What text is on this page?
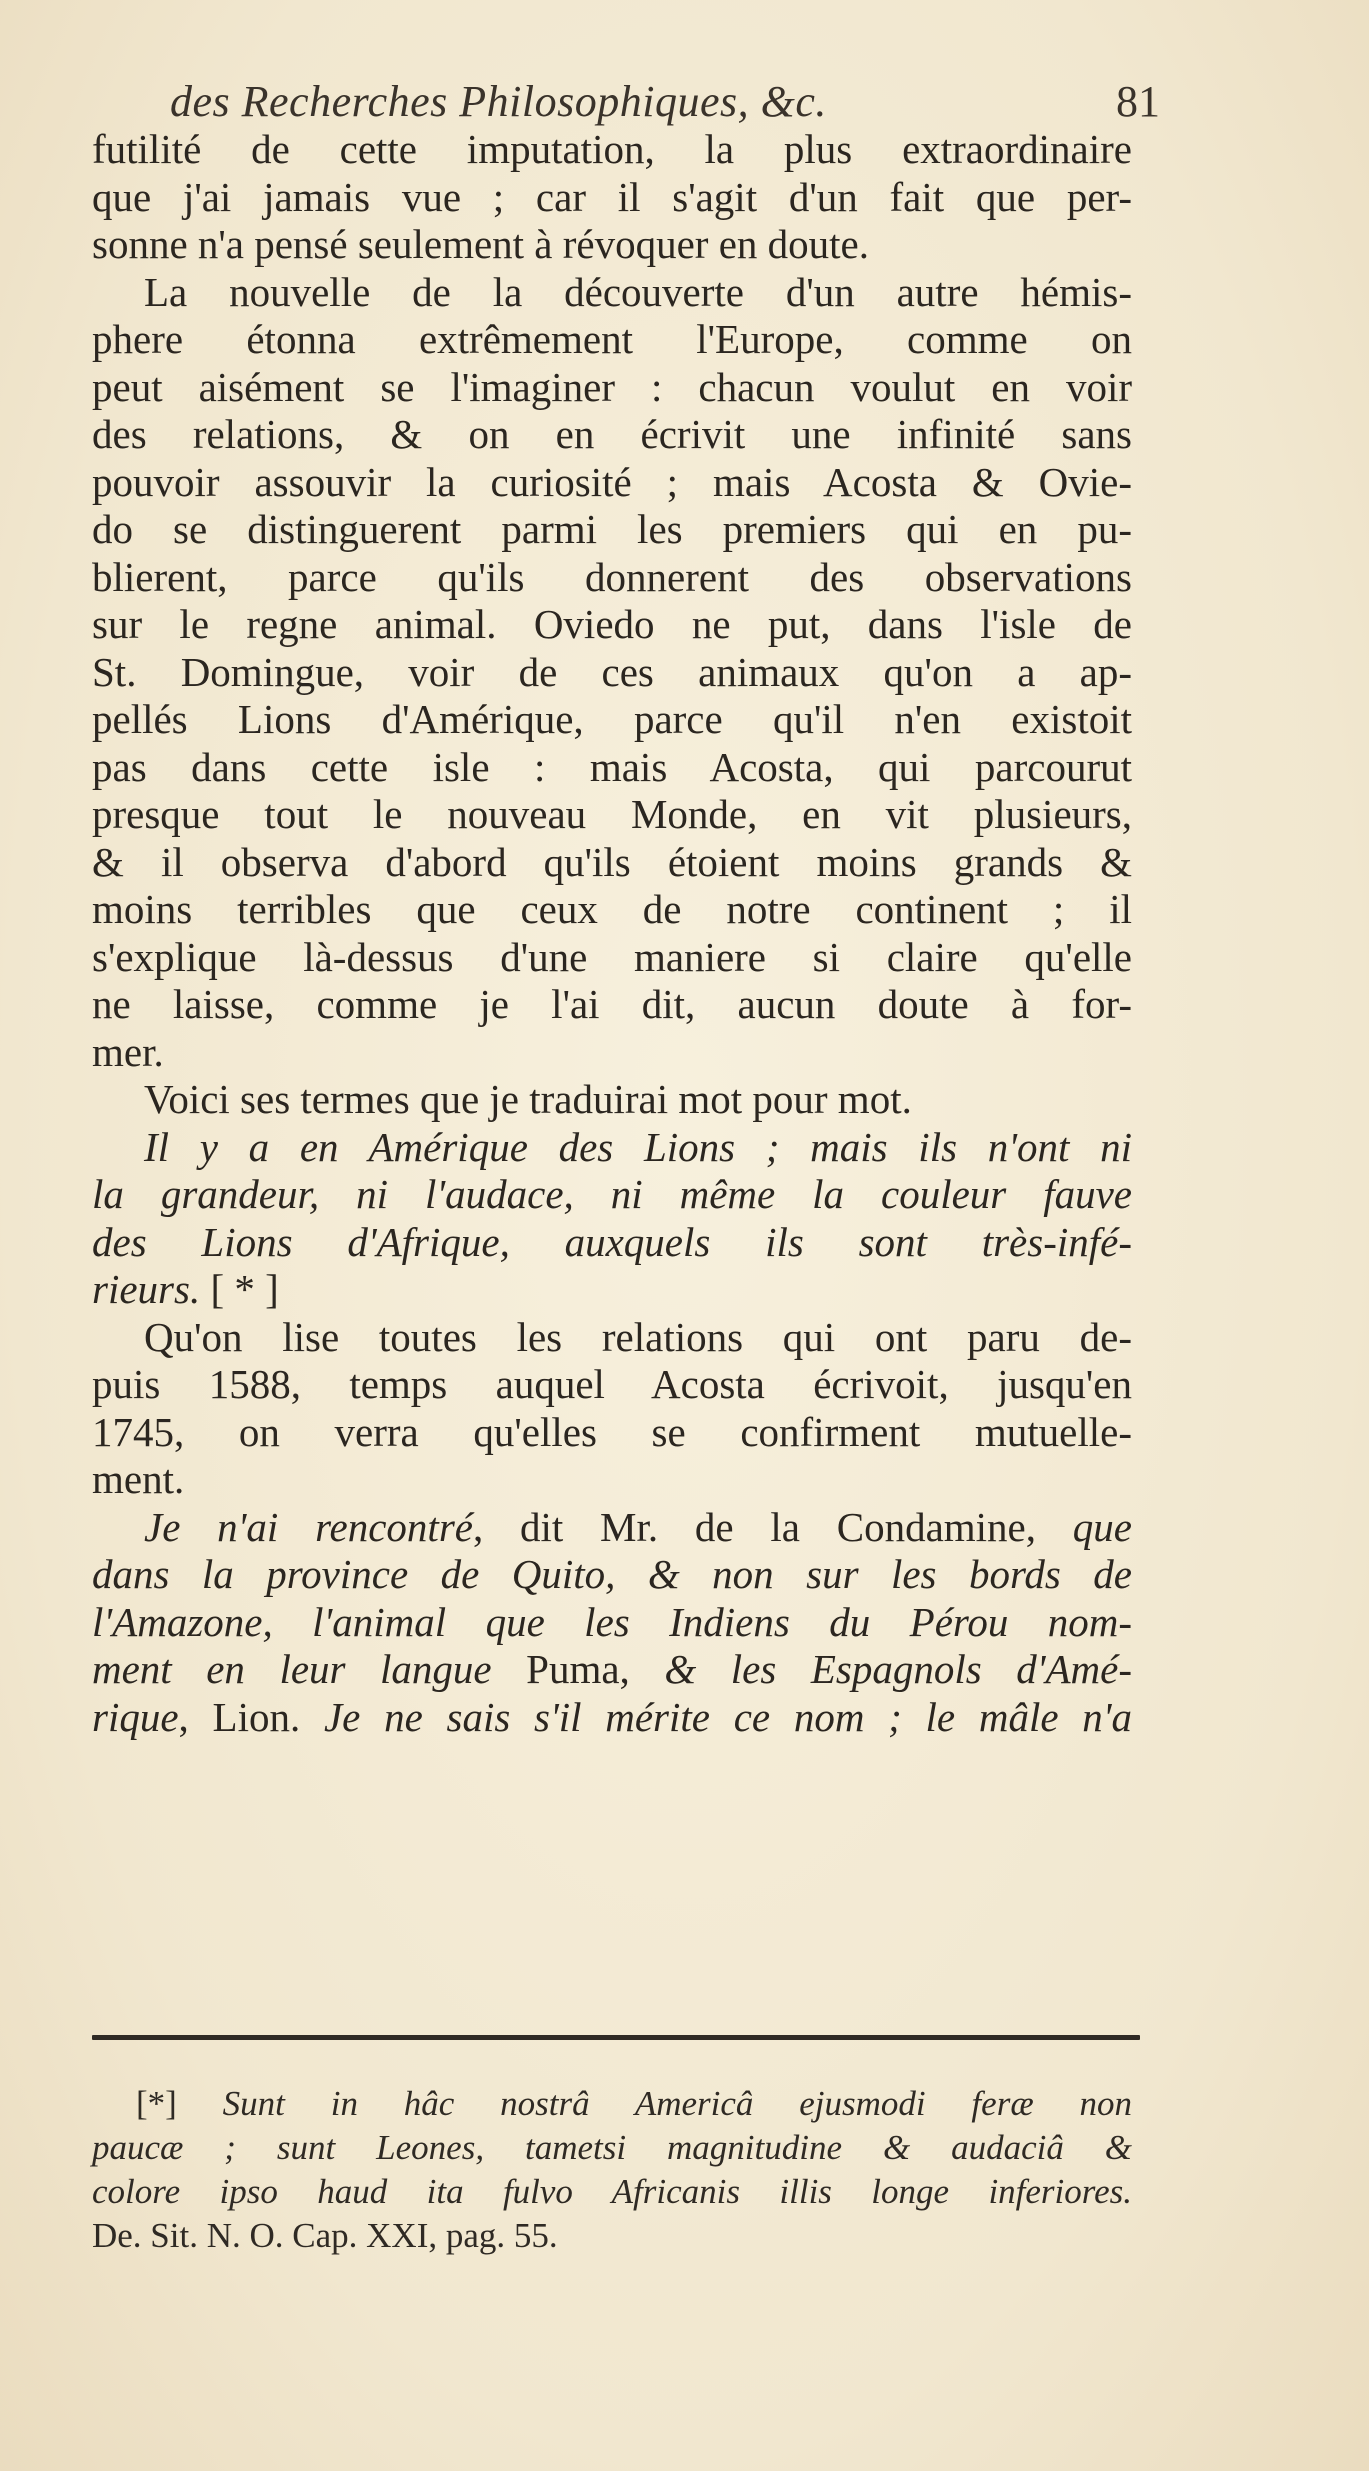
des Recherches Philosophiques, &c.	81

futilité de cette imputation, la plus extraordinaire
que j'ai jamais vue ; car il s'agit d'un fait que per-
sonne n'a pensé seulement à révoquer en doute.

La nouvelle de la découverte d'un autre hémis-
phere étonna extrêmement l'Europe, comme on
peut aisément se l'imaginer : chacun voulut en voir
des relations, & on en écrivit une infinité sans
pouvoir assouvir la curiosité ; mais Acosta & Ovie-
do se distinguerent parmi les premiers qui en pu-
blierent, parce qu'ils donnerent des observations
sur le regne animal. Oviedo ne put, dans l'isle de
St. Domingue, voir de ces animaux qu'on a ap-
pellés Lions d'Amérique, parce qu'il n'en existoit
pas dans cette isle : mais Acosta, qui parcourut
presque tout le nouveau Monde, en vit plusieurs,
& il observa d'abord qu'ils étoient moins grands &
moins terribles que ceux de notre continent ; il
s'explique là-dessus d'une maniere si claire qu'elle
ne laisse, comme je l'ai dit, aucun doute à for-
mer.

Voici ses termes que je traduirai mot pour mot.

Il y a en Amérique des Lions ; mais ils n'ont ni
la grandeur, ni l'audace, ni même la couleur fauve
des Lions d'Afrique, auxquels ils sont très-infé-
rieurs. [ * ]

Qu'on lise toutes les relations qui ont paru de-
puis 1588, temps auquel Acosta écrivoit, jusqu'en
1745, on verra qu'elles se confirment mutuelle-
ment.

Je n'ai rencontré, dit Mr. de la Condamine, que
dans la province de Quito, & non sur les bords de
l'Amazone, l'animal que les Indiens du Pérou nom-
ment en leur langue Puma, & les Espagnols d'Amé-
rique, Lion. Je ne sais s'il mérite ce nom ; le mâle n'a

[*] Sunt in hâc nostrâ Americâ ejusmodi feræ non
paucæ ; sunt Leones, tametsi magnitudine & audaciâ &
colore ipso haud ita fulvo Africanis illis longe inferiores.
De. Sit. N. O. Cap. XXI, pag. 55.
